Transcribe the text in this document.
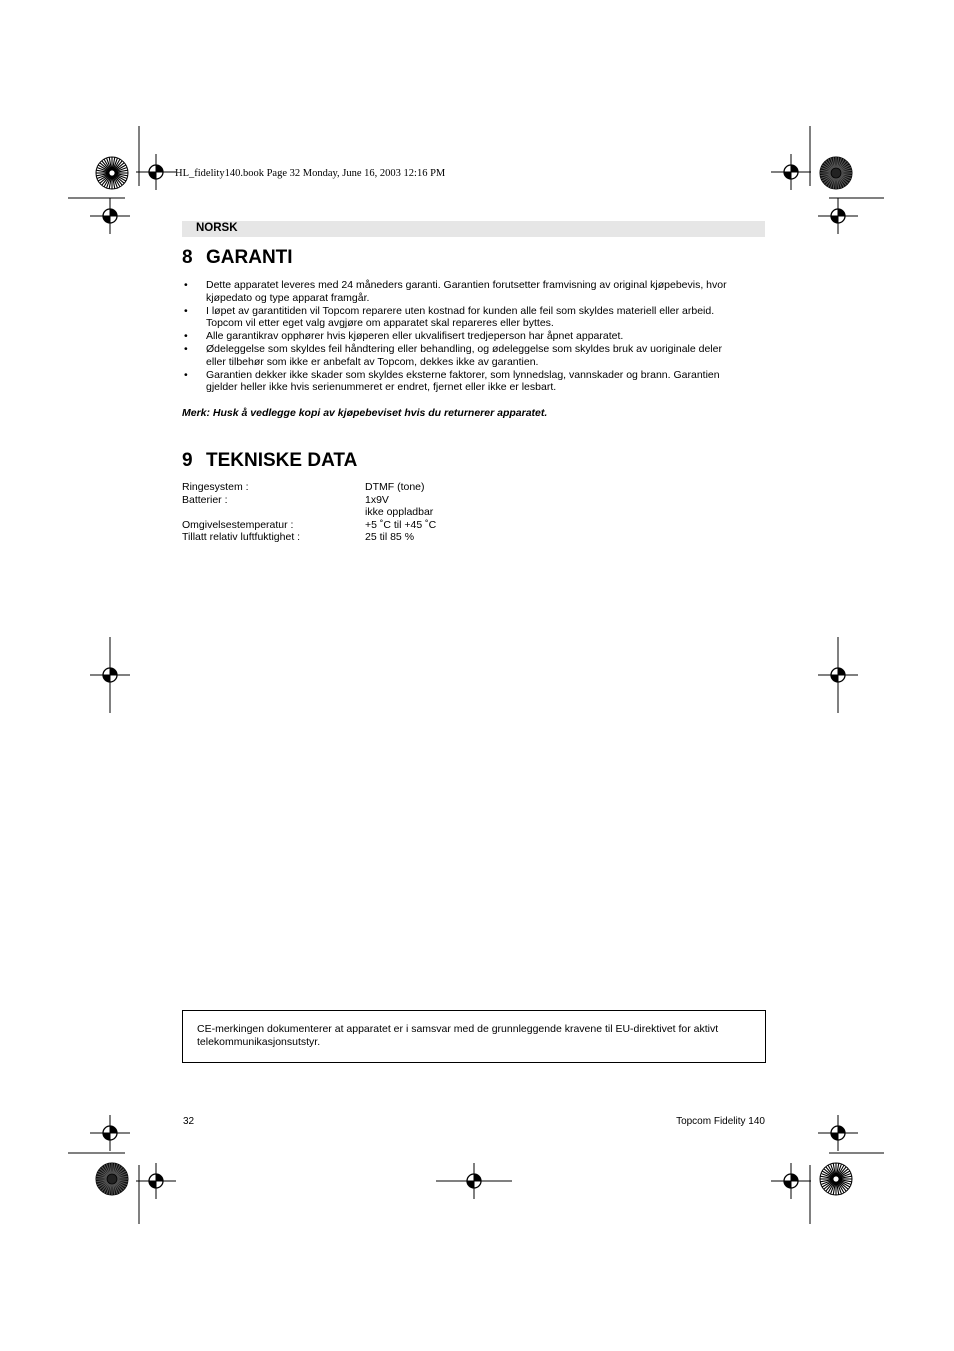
HL_fidelity140.book Page 32 Monday, June 16, 2003 12:16 PM
NORSK
8 GARANTI
• Dette apparatet leveres med 24 måneders garanti. Garantien forutsetter framvisning av original kjøpebevis, hvor
kjøpedato og type apparat framgår.
• I løpet av garantitiden vil Topcom reparere uten kostnad for kunden alle feil som skyldes materiell eller arbeid.
Topcom vil etter eget valg avgjøre om apparatet skal repareres eller byttes.
• Alle garantikrav opphører hvis kjøperen eller ukvalifisert tredjeperson har åpnet apparatet.
• Ødeleggelse som skyldes feil håndtering eller behandling, og ødeleggelse som skyldes bruk av uoriginale deler
eller tilbehør som ikke er anbefalt av Topcom, dekkes ikke av garantien.
• Garantien dekker ikke skader som skyldes eksterne faktorer, som lynnedslag, vannskader og brann. Garantien
gjelder heller ikke hvis serienummeret er endret, fjernet eller ikke er lesbart.
Merk: Husk å vedlegge kopi av kjøpebeviset hvis du returnerer apparatet.
9 TEKNISKE DATA
Ringesystem :	DTMF (tone)
Batterier :	1x9V
ikke oppladbar
Omgivelsestemperatur :	+5 ˚C til +45 ˚C
Tillatt relativ luftfuktighet :	25 til 85 %

CE-merkingen dokumenterer at apparatet er i samsvar med de grunnleggende kravene til EU-direktivet for aktivt
telekommunikasjonsutstyr.

32	Topcom Fidelity 140
